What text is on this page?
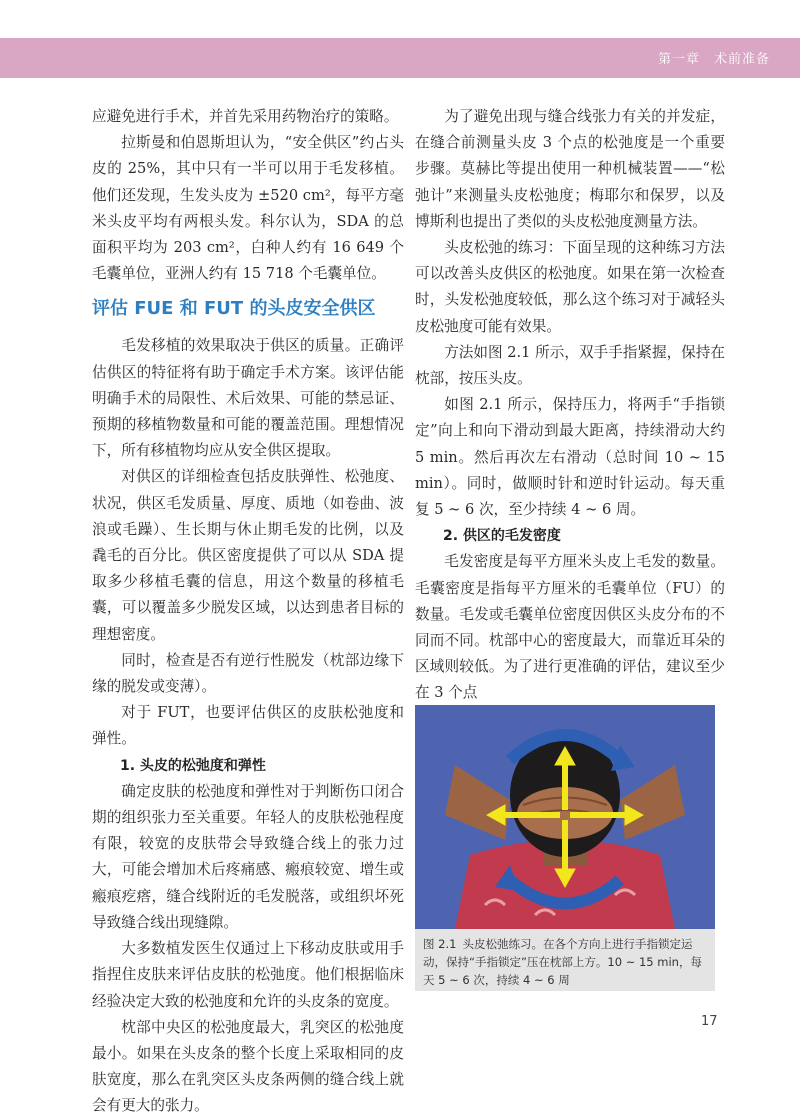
第一章　术前准备

应避免进行手术，并首先采用药物治疗的策略。

拉斯曼和伯恩斯坦认为，“安全供区”约占头皮的 25%，其中只有一半可以用于毛发移植。他们还发现，生发头皮为 ±520 cm²，每平方毫米头皮平均有两根头发。科尔认为，SDA 的总面积平均为 203 cm²，白种人约有 16 649 个毛囊单位，亚洲人约有 15 718 个毛囊单位。

评估 FUE 和 FUT 的头皮安全供区

毛发移植的效果取决于供区的质量。正确评估供区的特征将有助于确定手术方案。该评估能明确手术的局限性、术后效果、可能的禁忌证、预期的移植物数量和可能的覆盖范围。理想情况下，所有移植物均应从安全供区提取。

对供区的详细检查包括皮肤弹性、松弛度、状况，供区毛发质量、厚度、质地（如卷曲、波浪或毛躁）、生长期与休止期毛发的比例，以及毳毛的百分比。供区密度提供了可以从 SDA 提取多少移植毛囊的信息，用这个数量的移植毛囊，可以覆盖多少脱发区域，以达到患者目标的理想密度。

同时，检查是否有逆行性脱发（枕部边缘下缘的脱发或变薄）。

对于 FUT，也要评估供区的皮肤松弛度和弹性。

1. 头皮的松弛度和弹性

确定皮肤的松弛度和弹性对于判断伤口闭合期的组织张力至关重要。年轻人的皮肤松弛程度有限，较宽的皮肤带会导致缝合线上的张力过大，可能会增加术后疼痛感、瘢痕较宽、增生或瘢痕疙瘩，缝合线附近的毛发脱落，或组织坏死导致缝合线出现缝隙。

大多数植发医生仅通过上下移动皮肤或用手指捏住皮肤来评估皮肤的松弛度。他们根据临床经验决定大致的松弛度和允许的头皮条的宽度。

枕部中央区的松弛度最大，乳突区的松弛度最小。如果在头皮条的整个长度上采取相同的皮肤宽度，那么在乳突区头皮条两侧的缝合线上就会有更大的张力。

为了避免出现与缝合线张力有关的并发症，在缝合前测量头皮 3 个点的松弛度是一个重要步骤。莫赫比等提出使用一种机械装置——“松弛计”来测量头皮松弛度；梅耶尔和保罗，以及博斯利也提出了类似的头皮松弛度测量方法。

头皮松弛的练习：下面呈现的这种练习方法可以改善头皮供区的松弛度。如果在第一次检查时，头发松弛度较低，那么这个练习对于减轻头皮松弛度可能有效果。

方法如图 2.1 所示，双手手指紧握，保持在枕部，按压头皮。

如图 2.1 所示，保持压力，将两手“手指锁定”向上和向下滑动到最大距离，持续滑动大约 5 min。然后再次左右滑动（总时间 10 ~ 15 min）。同时，做顺时针和逆时针运动。每天重复 5 ~ 6 次，至少持续 4 ~ 6 周。

2. 供区的毛发密度

毛发密度是每平方厘米头皮上毛发的数量。毛囊密度是指每平方厘米的毛囊单位（FU）的数量。毛发或毛囊单位密度因供区头皮分布的不同而不同。枕部中心的密度最大，而靠近耳朵的区域则较低。为了进行更准确的评估，建议至少在 3 个点

图 2.1 头皮松弛练习。在各个方向上进行手指锁定运动，保持“手指锁定”压在枕部上方。10 ~ 15 min，每天 5 ~ 6 次，持续 4 ~ 6 周
17
